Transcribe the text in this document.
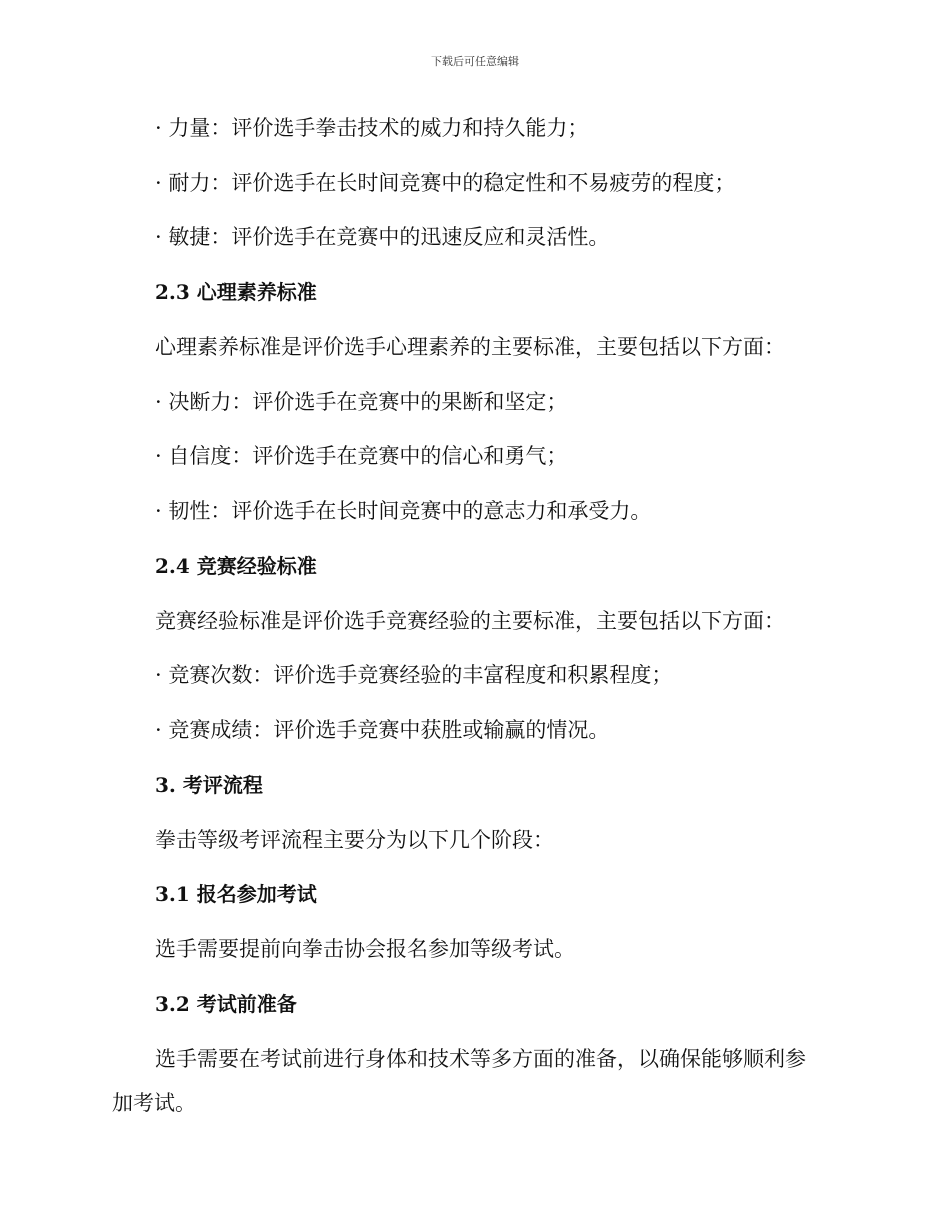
下载后可任意编辑
· 力量：评价选手拳击技术的威力和持久能力；
· 耐力：评价选手在长时间竞赛中的稳定性和不易疲劳的程度；
· 敏捷：评价选手在竞赛中的迅速反应和灵活性。
2.3 心理素养标准
心理素养标准是评价选手心理素养的主要标准，主要包括以下方面：
· 决断力：评价选手在竞赛中的果断和坚定；
· 自信度：评价选手在竞赛中的信心和勇气；
· 韧性：评价选手在长时间竞赛中的意志力和承受力。
2.4 竞赛经验标准
竞赛经验标准是评价选手竞赛经验的主要标准，主要包括以下方面：
· 竞赛次数：评价选手竞赛经验的丰富程度和积累程度；
· 竞赛成绩：评价选手竞赛中获胜或输赢的情况。
3. 考评流程
拳击等级考评流程主要分为以下几个阶段：
3.1 报名参加考试
选手需要提前向拳击协会报名参加等级考试。
3.2 考试前准备
选手需要在考试前进行身体和技术等多方面的准备，以确保能够顺利参
加考试。
